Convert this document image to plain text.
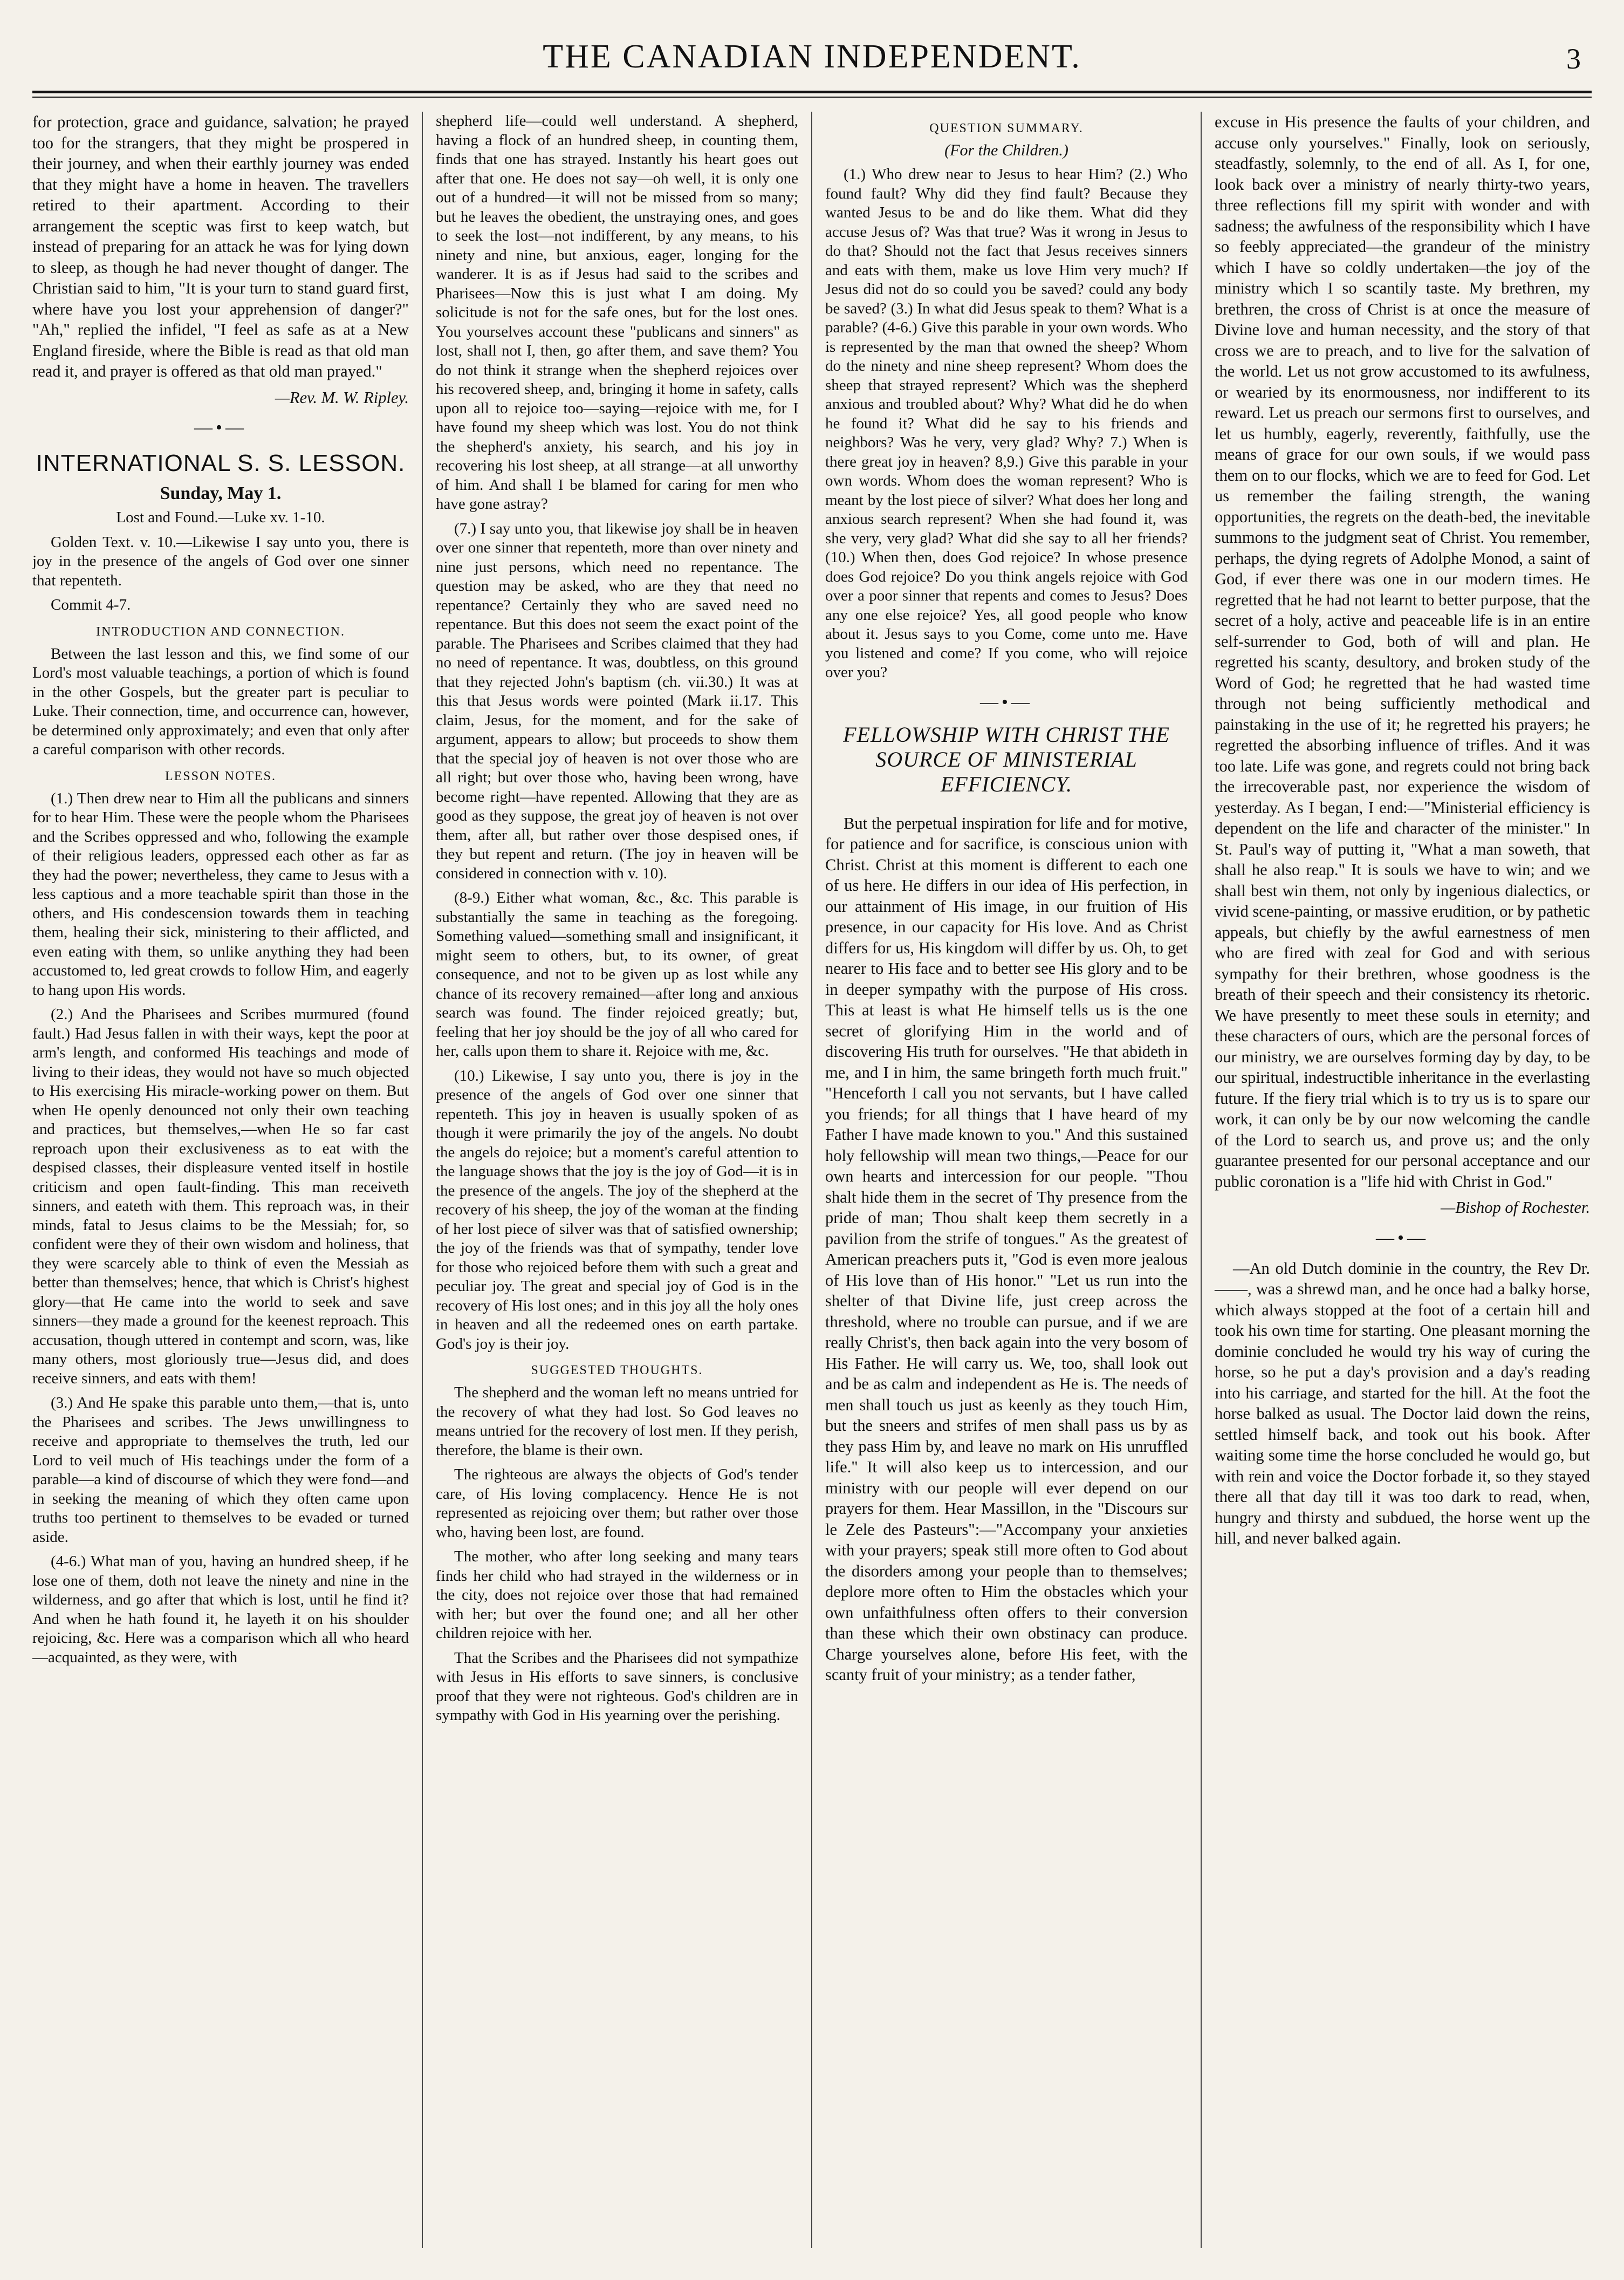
THE CANADIAN INDEPENDENT.	3

for protection, grace and guidance, salvation; he prayed too for the strangers, that they might be prospered in their journey, and when their earthly journey was ended that they might have a home in heaven. The travellers retired to their apartment. According to their arrangement the sceptic was first to keep watch, but instead of preparing for an attack he was for lying down to sleep, as though he had never thought of danger. The Christian said to him, "It is your turn to stand guard first, where have you lost your apprehension of danger?" "Ah," replied the infidel, "I feel as safe as at a New England fireside, where the Bible is read as that old man read it, and prayer is offered as that old man prayed."

—Rev. M. W. Ripley.

—•—
INTERNATIONAL S. S. LESSON.
Sunday, May 1.

Lost and Found.—Luke xv. 1-10.

Golden Text. v. 10.—Likewise I say unto you, there is joy in the presence of the angels of God over one sinner that repenteth.

Commit 4-7.

INTRODUCTION AND CONNECTION.

Between the last lesson and this, we find some of our Lord's most valuable teachings, a portion of which is found in the other Gospels, but the greater part is peculiar to Luke. Their connection, time, and occurrence can, however, be determined only approximately; and even that only after a careful comparison with other records.

LESSON NOTES.

(1.) Then drew near to Him all the publicans and sinners for to hear Him. These were the people whom the Pharisees and the Scribes oppressed and who, following the example of their religious leaders, oppressed each other as far as they had the power; nevertheless, they came to Jesus with a less captious and a more teachable spirit than those in the others, and His condescension towards them in teaching them, healing their sick, ministering to their afflicted, and even eating with them, so unlike anything they had been accustomed to, led great crowds to follow Him, and eagerly to hang upon His words.

(2.) And the Pharisees and Scribes murmured (found fault.) Had Jesus fallen in with their ways, kept the poor at arm's length, and conformed His teachings and mode of living to their ideas, they would not have so much objected to His exercising His miracle-working power on them. But when He openly denounced not only their own teaching and practices, but themselves,—when He so far cast reproach upon their exclusiveness as to eat with the despised classes, their displeasure vented itself in hostile criticism and open fault-finding. This man receiveth sinners, and eateth with them. This reproach was, in their minds, fatal to Jesus claims to be the Messiah; for, so confident were they of their own wisdom and holiness, that they were scarcely able to think of even the Messiah as better than themselves; hence, that which is Christ's highest glory—that He came into the world to seek and save sinners—they made a ground for the keenest reproach. This accusation, though uttered in contempt and scorn, was, like many others, most gloriously true—Jesus did, and does receive sinners, and eats with them!

(3.) And He spake this parable unto them,—that is, unto the Pharisees and scribes. The Jews unwillingness to receive and appropriate to themselves the truth, led our Lord to veil much of His teachings under the form of a parable—a kind of discourse of which they were fond—and in seeking the meaning of which they often came upon truths too pertinent to themselves to be evaded or turned aside.

(4-6.) What man of you, having an hundred sheep, if he lose one of them, doth not leave the ninety and nine in the wilderness, and go after that which is lost, until he find it? And when he hath found it, he layeth it on his shoulder rejoicing, &c. Here was a comparison which all who heard—acquainted, as they were, with

shepherd life—could well understand. A shepherd, having a flock of an hundred sheep, in counting them, finds that one has strayed. Instantly his heart goes out after that one. He does not say—oh well, it is only one out of a hundred—it will not be missed from so many; but he leaves the obedient, the unstraying ones, and goes to seek the lost—not indifferent, by any means, to his ninety and nine, but anxious, eager, longing for the wanderer. It is as if Jesus had said to the scribes and Pharisees—Now this is just what I am doing. My solicitude is not for the safe ones, but for the lost ones. You yourselves account these "publicans and sinners" as lost, shall not I, then, go after them, and save them? You do not think it strange when the shepherd rejoices over his recovered sheep, and, bringing it home in safety, calls upon all to rejoice too—saying—rejoice with me, for I have found my sheep which was lost. You do not think the shepherd's anxiety, his search, and his joy in recovering his lost sheep, at all strange—at all unworthy of him. And shall I be blamed for caring for men who have gone astray?

(7.) I say unto you, that likewise joy shall be in heaven over one sinner that repenteth, more than over ninety and nine just persons, which need no repentance. The question may be asked, who are they that need no repentance? Certainly they who are saved need no repentance. But this does not seem the exact point of the parable. The Pharisees and Scribes claimed that they had no need of repentance. It was, doubtless, on this ground that they rejected John's baptism (ch. vii.30.) It was at this that Jesus words were pointed (Mark ii.17. This claim, Jesus, for the moment, and for the sake of argument, appears to allow; but proceeds to show them that the special joy of heaven is not over those who are all right; but over those who, having been wrong, have become right—have repented. Allowing that they are as good as they suppose, the great joy of heaven is not over them, after all, but rather over those despised ones, if they but repent and return. (The joy in heaven will be considered in connection with v. 10).

(8-9.) Either what woman, &c., &c. This parable is substantially the same in teaching as the foregoing. Something valued—something small and insignificant, it might seem to others, but, to its owner, of great consequence, and not to be given up as lost while any chance of its recovery remained—after long and anxious search was found. The finder rejoiced greatly; but, feeling that her joy should be the joy of all who cared for her, calls upon them to share it. Rejoice with me, &c.

(10.) Likewise, I say unto you, there is joy in the presence of the angels of God over one sinner that repenteth. This joy in heaven is usually spoken of as though it were primarily the joy of the angels. No doubt the angels do rejoice; but a moment's careful attention to the language shows that the joy is the joy of God—it is in the presence of the angels. The joy of the shepherd at the recovery of his sheep, the joy of the woman at the finding of her lost piece of silver was that of satisfied ownership; the joy of the friends was that of sympathy, tender love for those who rejoiced before them with such a great and peculiar joy. The great and special joy of God is in the recovery of His lost ones; and in this joy all the holy ones in heaven and all the redeemed ones on earth partake. God's joy is their joy.

SUGGESTED THOUGHTS.

The shepherd and the woman left no means untried for the recovery of what they had lost. So God leaves no means untried for the recovery of lost men. If they perish, therefore, the blame is their own.

The righteous are always the objects of God's tender care, of His loving complacency. Hence He is not represented as rejoicing over them; but rather over those who, having been lost, are found.

The mother, who after long seeking and many tears finds her child who had strayed in the wilderness or in the city, does not rejoice over those that had remained with her; but over the found one; and all her other children rejoice with her.

That the Scribes and the Pharisees did not sympathize with Jesus in His efforts to save sinners, is conclusive proof that they were not righteous. God's children are in sympathy with God in His yearning over the perishing.

QUESTION SUMMARY.
(For the Children.)

(1.) Who drew near to Jesus to hear Him? (2.) Who found fault? Why did they find fault? Because they wanted Jesus to be and do like them. What did they accuse Jesus of? Was that true? Was it wrong in Jesus to do that? Should not the fact that Jesus receives sinners and eats with them, make us love Him very much? If Jesus did not do so could you be saved? could any body be saved? (3.) In what did Jesus speak to them? What is a parable? (4-6.) Give this parable in your own words. Who is represented by the man that owned the sheep? Whom do the ninety and nine sheep represent? Whom does the sheep that strayed represent? Which was the shepherd anxious and troubled about? Why? What did he do when he found it? What did he say to his friends and neighbors? Was he very, very glad? Why? 7.) When is there great joy in heaven? 8,9.) Give this parable in your own words. Whom does the woman represent? Who is meant by the lost piece of silver? What does her long and anxious search represent? When she had found it, was she very, very glad? What did she say to all her friends? (10.) When then, does God rejoice? In whose presence does God rejoice? Do you think angels rejoice with God over a poor sinner that repents and comes to Jesus? Does any one else rejoice? Yes, all good people who know about it. Jesus says to you Come, come unto me. Have you listened and come? If you come, who will rejoice over you?

—•—
FELLOWSHIP WITH CHRIST THE SOURCE OF MINISTERIAL EFFICIENCY.

But the perpetual inspiration for life and for motive, for patience and for sacrifice, is conscious union with Christ. Christ at this moment is different to each one of us here. He differs in our idea of His perfection, in our attainment of His image, in our fruition of His presence, in our capacity for His love. And as Christ differs for us, His kingdom will differ by us. Oh, to get nearer to His face and to better see His glory and to be in deeper sympathy with the purpose of His cross. This at least is what He himself tells us is the one secret of glorifying Him in the world and of discovering His truth for ourselves. "He that abideth in me, and I in him, the same bringeth forth much fruit." "Henceforth I call you not servants, but I have called you friends; for all things that I have heard of my Father I have made known to you." And this sustained holy fellowship will mean two things,—Peace for our own hearts and intercession for our people. "Thou shalt hide them in the secret of Thy presence from the pride of man; Thou shalt keep them secretly in a pavilion from the strife of tongues." As the greatest of American preachers puts it, "God is even more jealous of His love than of His honor." "Let us run into the shelter of that Divine life, just creep across the threshold, where no trouble can pursue, and if we are really Christ's, then back again into the very bosom of His Father. He will carry us. We, too, shall look out and be as calm and independent as He is. The needs of men shall touch us just as keenly as they touch Him, but the sneers and strifes of men shall pass us by as they pass Him by, and leave no mark on His unruffled life." It will also keep us to intercession, and our ministry with our people will ever depend on our prayers for them. Hear Massillon, in the "Discours sur le Zele des Pasteurs":—"Accompany your anxieties with your prayers; speak still more often to God about the disorders among your people than to themselves; deplore more often to Him the obstacles which your own unfaithfulness often offers to their conversion than these which their own obstinacy can produce. Charge yourselves alone, before His feet, with the scanty fruit of your ministry; as a tender father,

excuse in His presence the faults of your children, and accuse only yourselves." Finally, look on seriously, steadfastly, solemnly, to the end of all. As I, for one, look back over a ministry of nearly thirty-two years, three reflections fill my spirit with wonder and with sadness; the awfulness of the responsibility which I have so feebly appreciated—the grandeur of the ministry which I have so coldly undertaken—the joy of the ministry which I so scantily taste. My brethren, my brethren, the cross of Christ is at once the measure of Divine love and human necessity, and the story of that cross we are to preach, and to live for the salvation of the world. Let us not grow accustomed to its awfulness, or wearied by its enormousness, nor indifferent to its reward. Let us preach our sermons first to ourselves, and let us humbly, eagerly, reverently, faithfully, use the means of grace for our own souls, if we would pass them on to our flocks, which we are to feed for God. Let us remember the failing strength, the waning opportunities, the regrets on the death-bed, the inevitable summons to the judgment seat of Christ. You remember, perhaps, the dying regrets of Adolphe Monod, a saint of God, if ever there was one in our modern times. He regretted that he had not learnt to better purpose, that the secret of a holy, active and peaceable life is in an entire self-surrender to God, both of will and plan. He regretted his scanty, desultory, and broken study of the Word of God; he regretted that he had wasted time through not being sufficiently methodical and painstaking in the use of it; he regretted his prayers; he regretted the absorbing influence of trifles. And it was too late. Life was gone, and regrets could not bring back the irrecoverable past, nor experience the wisdom of yesterday. As I began, I end:—"Ministerial efficiency is dependent on the life and character of the minister." In St. Paul's way of putting it, "What a man soweth, that shall he also reap." It is souls we have to win; and we shall best win them, not only by ingenious dialectics, or vivid scene-painting, or massive erudition, or by pathetic appeals, but chiefly by the awful earnestness of men who are fired with zeal for God and with serious sympathy for their brethren, whose goodness is the breath of their speech and their consistency its rhetoric. We have presently to meet these souls in eternity; and these characters of ours, which are the personal forces of our ministry, we are ourselves forming day by day, to be our spiritual, indestructible inheritance in the everlasting future. If the fiery trial which is to try us is to spare our work, it can only be by our now welcoming the candle of the Lord to search us, and prove us; and the only guarantee presented for our personal acceptance and our public coronation is a "life hid with Christ in God."

—Bishop of Rochester.

—•—

—An old Dutch dominie in the country, the Rev Dr. ——, was a shrewd man, and he once had a balky horse, which always stopped at the foot of a certain hill and took his own time for starting. One pleasant morning the dominie concluded he would try his way of curing the horse, so he put a day's provision and a day's reading into his carriage, and started for the hill. At the foot the horse balked as usual. The Doctor laid down the reins, settled himself back, and took out his book. After waiting some time the horse concluded he would go, but with rein and voice the Doctor forbade it, so they stayed there all that day till it was too dark to read, when, hungry and thirsty and subdued, the horse went up the hill, and never balked again.
